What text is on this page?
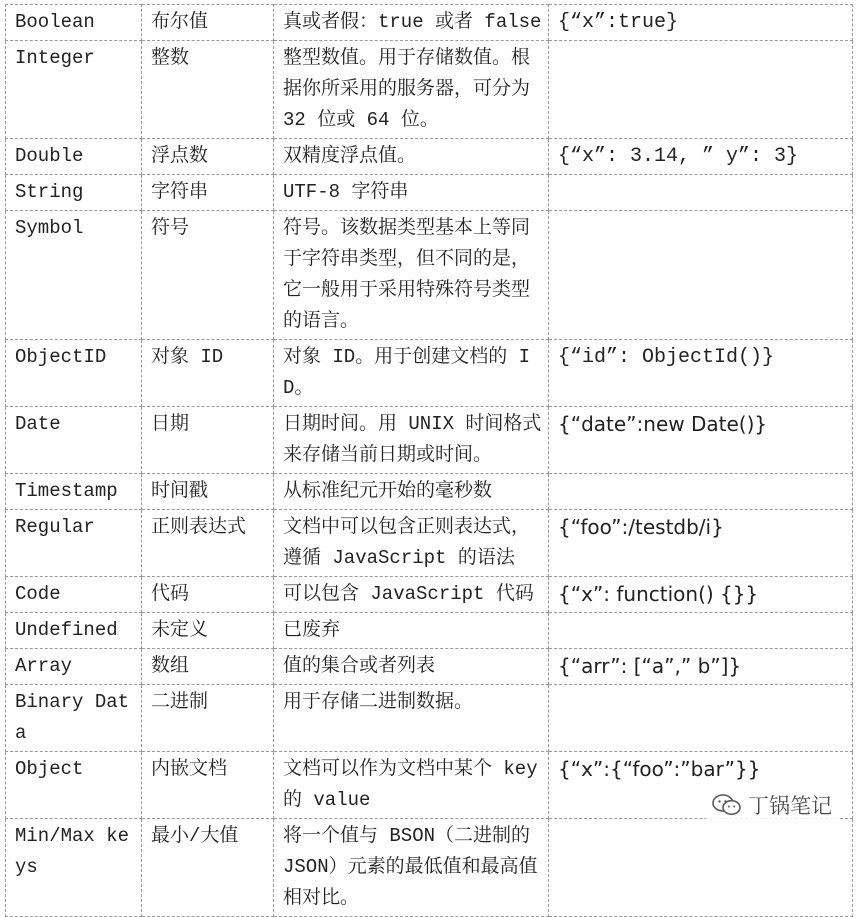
Boolean	布尔值	真或者假：true 或者 false	{“x”:true}
Integer	整数	整型数值。用于存储数值。根据你所采用的服务器，可分为 32 位或 64 位。	
Double	浮点数	双精度浮点值。	{“x”: 3.14, ” y”: 3}
String	字符串	UTF-8 字符串	
Symbol	符号	符号。该数据类型基本上等同于字符串类型，但不同的是，它一般用于采用特殊符号类型的语言。	
ObjectID	对象 ID	对象 ID。用于创建文档的 ID。	{“id”: ObjectId()}
Date	日期	日期时间。用 UNIX 时间格式来存储当前日期或时间。	{“date”:new Date()}
Timestamp	时间戳	从标准纪元开始的毫秒数	
Regular	正则表达式	文档中可以包含正则表达式，遵循 JavaScript 的语法	{“foo”:/testdb/i}
Code	代码	可以包含 JavaScript 代码	{“x”: function() {}}
Undefined	未定义	已废弃	
Array	数组	值的集合或者列表	{“arr”: [“a”,” b”]}
Binary Data	二进制	用于存储二进制数据。	
Object	内嵌文档	文档可以作为文档中某个 key 的 value	{“x”:{“foo”:”bar”}}
Min/Max keys	最小/大值	将一个值与 BSON（二进制的 JSON）元素的最低值和最高值相对比。	
丁锅笔记
